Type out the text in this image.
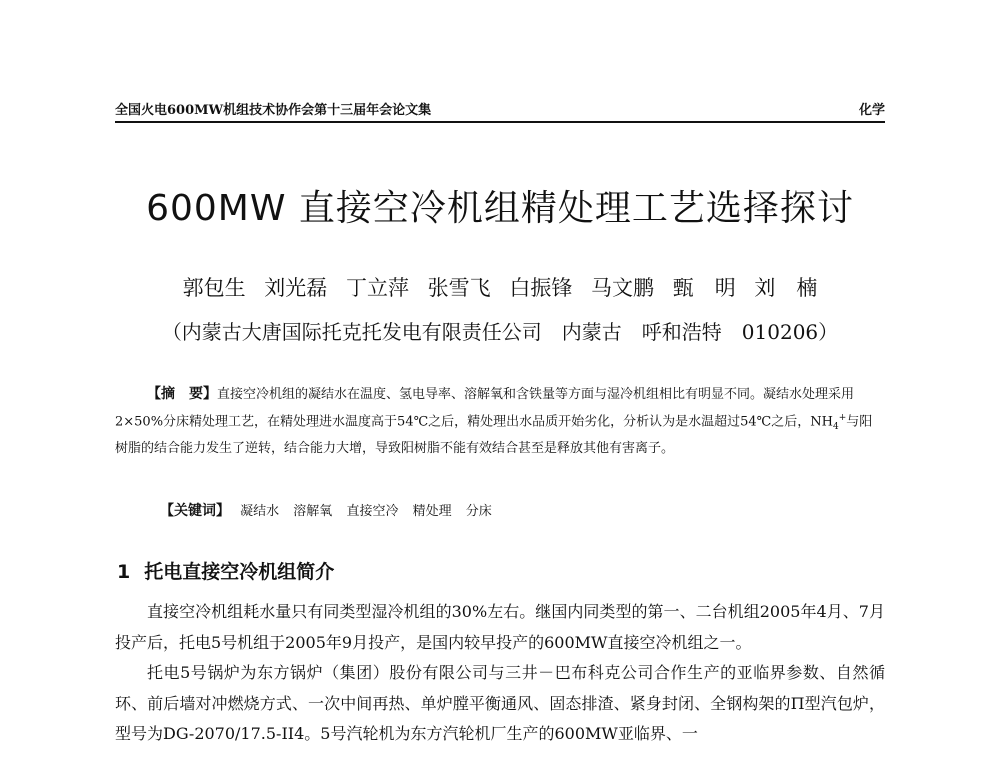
全国火电600MW机组技术协作会第十三届年会论文集	化学
600MW 直接空冷机组精处理工艺选择探讨
郭包生 刘光磊 丁立萍 张雪飞 白振锋 马文鹏 甄　明 刘　楠
（内蒙古大唐国际托克托发电有限责任公司　内蒙古　呼和浩特　010206）
【摘　要】直接空冷机组的凝结水在温度、氢电导率、溶解氧和含铁量等方面与湿冷机组相比有明显不同。凝结水处理采用2×50%分床精处理工艺，在精处理进水温度高于54℃之后，精处理出水品质开始劣化，分析认为是水温超过54℃之后，$NH_4^+$与阳树脂的结合能力发生了逆转，结合能力大增，导致阳树脂不能有效结合甚至是释放其他有害离子。
【关键词】 凝结水 溶解氧 直接空冷 精处理 分床
1 托电直接空冷机组简介

直接空冷机组耗水量只有同类型湿冷机组的30%左右。继国内同类型的第一、二台机组2005年4月、7月投产后，托电5号机组于2005年9月投产，是国内较早投产的600MW直接空冷机组之一。

托电5号锅炉为东方锅炉（集团）股份有限公司与三井－巴布科克公司合作生产的亚临界参数、自然循环、前后墙对冲燃烧方式、一次中间再热、单炉膛平衡通风、固态排渣、紧身封闭、全钢构架的Π型汽包炉，型号为DG-2070/17.5-II4。5号汽轮机为东方汽轮机厂生产的600MW亚临界、一
